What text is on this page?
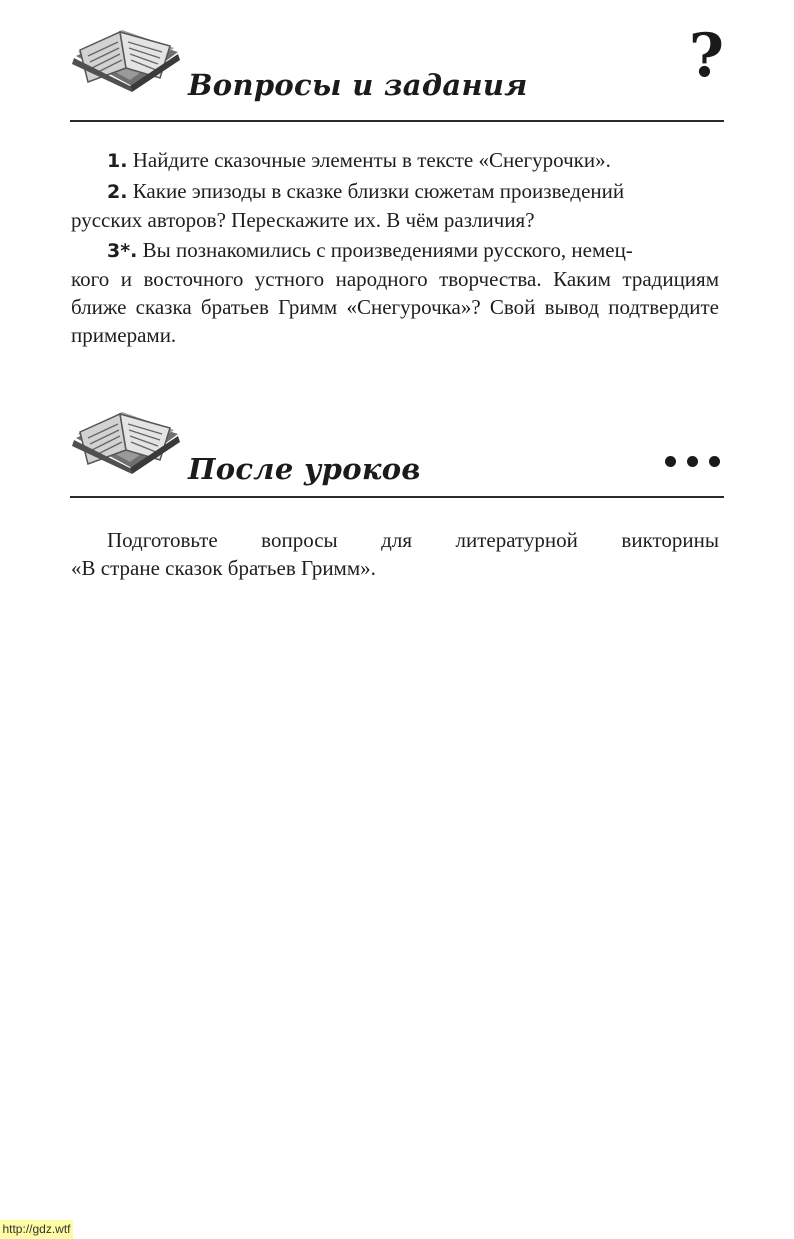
Вопросы и задания	?

1. Найдите сказочные элементы в тексте «Снегурочки».

2. Какие эпизоды в сказке близки сюжетам произведений
русских авторов? Перескажите их. В чём различия?

3*. Вы познакомились с произведениями русского, немец-
кого и восточного устного народного творчества. Каким традициям ближе сказка братьев Гримм «Снегурочка»? Свой вывод подтвердите примерами.

После уроков

Подготовьте вопросы для литературной викторины
«В стране сказок братьев Гримм».

http://gdz.wtf
